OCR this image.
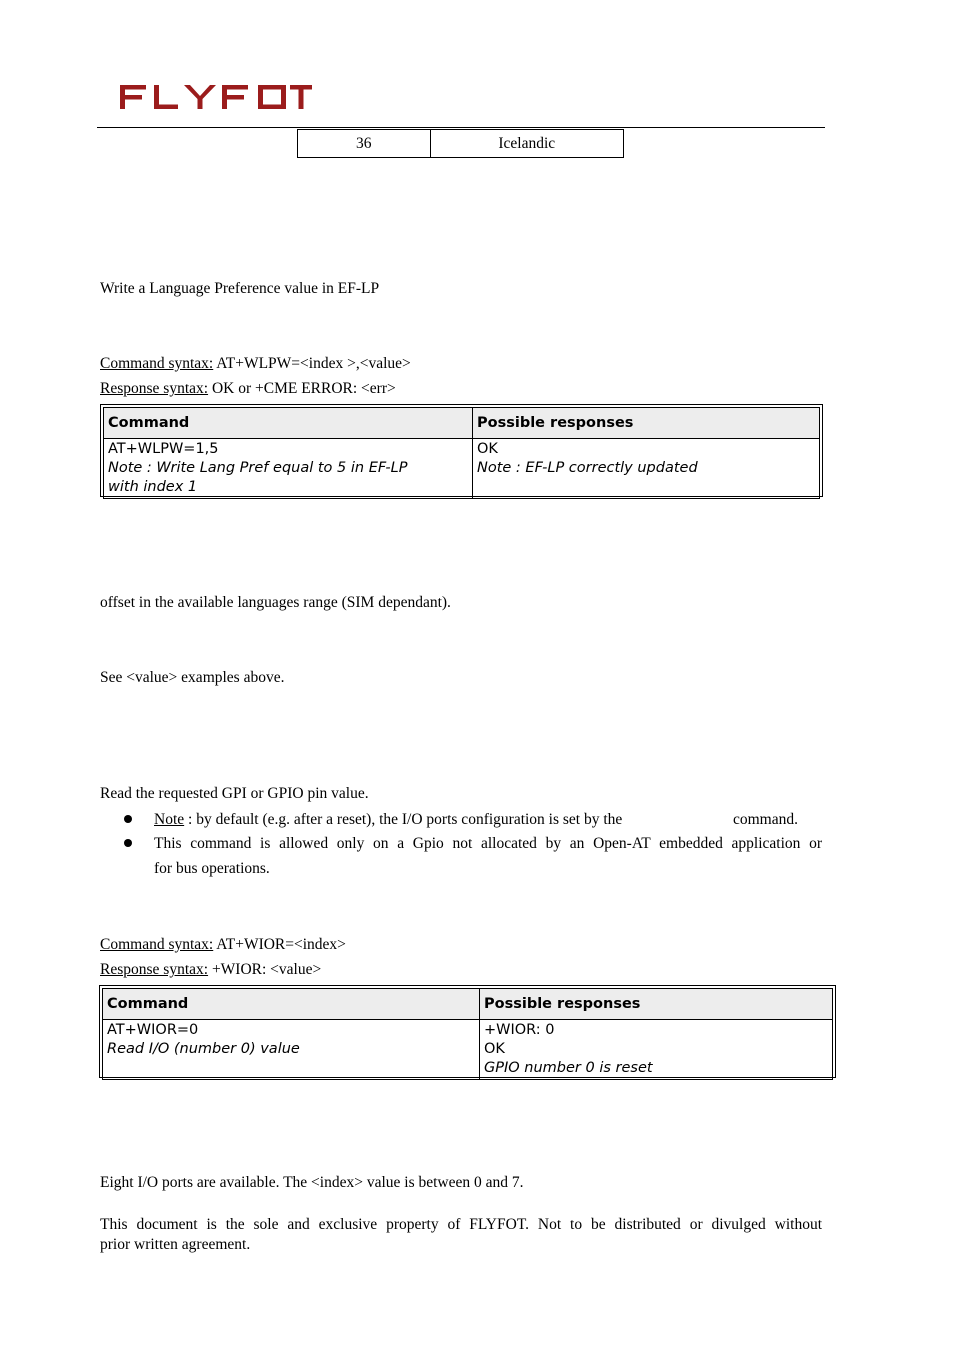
FLYFOT
36	Icelandic
Write a Language Preference value in EF-LP
Command syntax: AT+WLPW=<index >,<value>
Response syntax: OK or +CME ERROR: <err>
Command	Possible responses

AT+WLPW=1,5
Note : Write Lang Pref equal to 5 in EF-LP
with index 1	OK
Note : EF-LP correctly updated
offset in the available languages range (SIM dependant).
See <value> examples above.
Read the requested GPI or GPIO pin value.
Note : by default (e.g. after a reset), the I/O ports configuration is set by the	command.
This command is allowed only on a Gpio not allocated by an Open-AT embedded application or
for bus operations.
Command syntax: AT+WIOR=<index>
Response syntax: +WIOR: <value>
Command	Possible responses

AT+WIOR=0
Read I/O (number 0) value	+WIOR: 0
OK
GPIO number 0 is reset
Eight I/O ports are available. The <index> value is between 0 and 7.
This document is the sole and exclusive property of FLYFOT. Not to be distributed or divulged without
prior written agreement.
